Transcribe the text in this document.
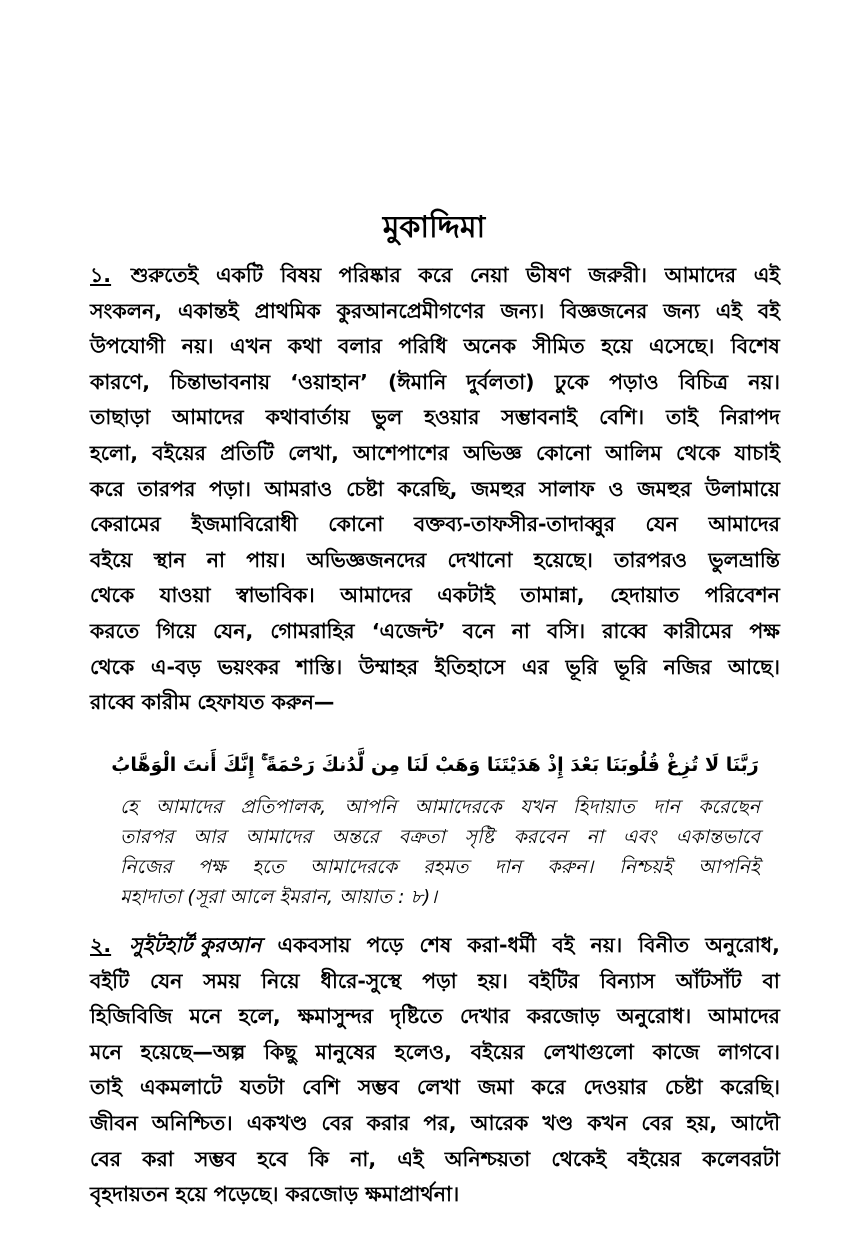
মুকাদ্দিমা
১. শুরুতেই একটি বিষয় পরিষ্কার করে নেয়া ভীষণ জরুরী। আমাদের এই
সংকলন, একান্তই প্রাথমিক কুরআনপ্রেমীগণের জন্য। বিজ্ঞজনের জন্য এই বই
উপযোগী নয়। এখন কথা বলার পরিধি অনেক সীমিত হয়ে এসেছে। বিশেষ
কারণে, চিন্তাভাবনায় ‘ওয়াহান’ (ঈমানি দুর্বলতা) ঢুকে পড়াও বিচিত্র নয়।
তাছাড়া আমাদের কথাবার্তায় ভুল হওয়ার সম্ভাবনাই বেশি। তাই নিরাপদ
হলো, বইয়ের প্রতিটি লেখা, আশেপাশের অভিজ্ঞ কোনো আলিম থেকে যাচাই
করে তারপর পড়া। আমরাও চেষ্টা করেছি, জমহুর সালাফ ও জমহুর উলামায়ে
কেরামের ইজমাবিরোধী কোনো বক্তব্য-তাফসীর-তাদাব্বুর যেন আমাদের
বইয়ে স্থান না পায়। অভিজ্ঞজনদের দেখানো হয়েছে। তারপরও ভুলভ্রান্তি
থেকে যাওয়া স্বাভাবিক। আমাদের একটাই তামান্না, হেদায়াত পরিবেশন
করতে গিয়ে যেন, গোমরাহির ‘এজেন্ট’ বনে না বসি। রাব্বে কারীমের পক্ষ
থেকে এ-বড় ভয়ংকর শাস্তি। উম্মাহর ইতিহাসে এর ভূরি ভূরি নজির আছে।
রাব্বে কারীম হেফাযত করুন—
رَبَّنَا لَا تُزِغْ قُلُوبَنَا بَعْدَ إِذْ هَدَيْتَنَا وَهَبْ لَنَا مِن لَّدُنكَ رَحْمَةً ۚ إِنَّكَ أَنتَ الْوَهَّابُ
হে আমাদের প্রতিপালক, আপনি আমাদেরকে যখন হিদায়াত দান করেছেন
তারপর আর আমাদের অন্তরে বক্রতা সৃষ্টি করবেন না এবং একান্তভাবে
নিজের পক্ষ হতে আমাদেরকে রহমত দান করুন। নিশ্চয়ই আপনিই
মহাদাতা (সূরা আলে ইমরান, আয়াত : ৮)।
২. সুইটহার্ট কুরআন একবসায় পড়ে শেষ করা-ধর্মী বই নয়। বিনীত অনুরোধ,
বইটি যেন সময় নিয়ে ধীরে-সুস্থে পড়া হয়। বইটির বিন্যাস আঁটসাঁট বা
হিজিবিজি মনে হলে, ক্ষমাসুন্দর দৃষ্টিতে দেখার করজোড় অনুরোধ। আমাদের
মনে হয়েছে—অল্প কিছু মানুষের হলেও, বইয়ের লেখাগুলো কাজে লাগবে।
তাই একমলাটে যতটা বেশি সম্ভব লেখা জমা করে দেওয়ার চেষ্টা করেছি।
জীবন অনিশ্চিত। একখণ্ড বের করার পর, আরেক খণ্ড কখন বের হয়, আদৌ
বের করা সম্ভব হবে কি না, এই অনিশ্চয়তা থেকেই বইয়ের কলেবরটা
বৃহদায়তন হয়ে পড়েছে। করজোড় ক্ষমাপ্রার্থনা।
